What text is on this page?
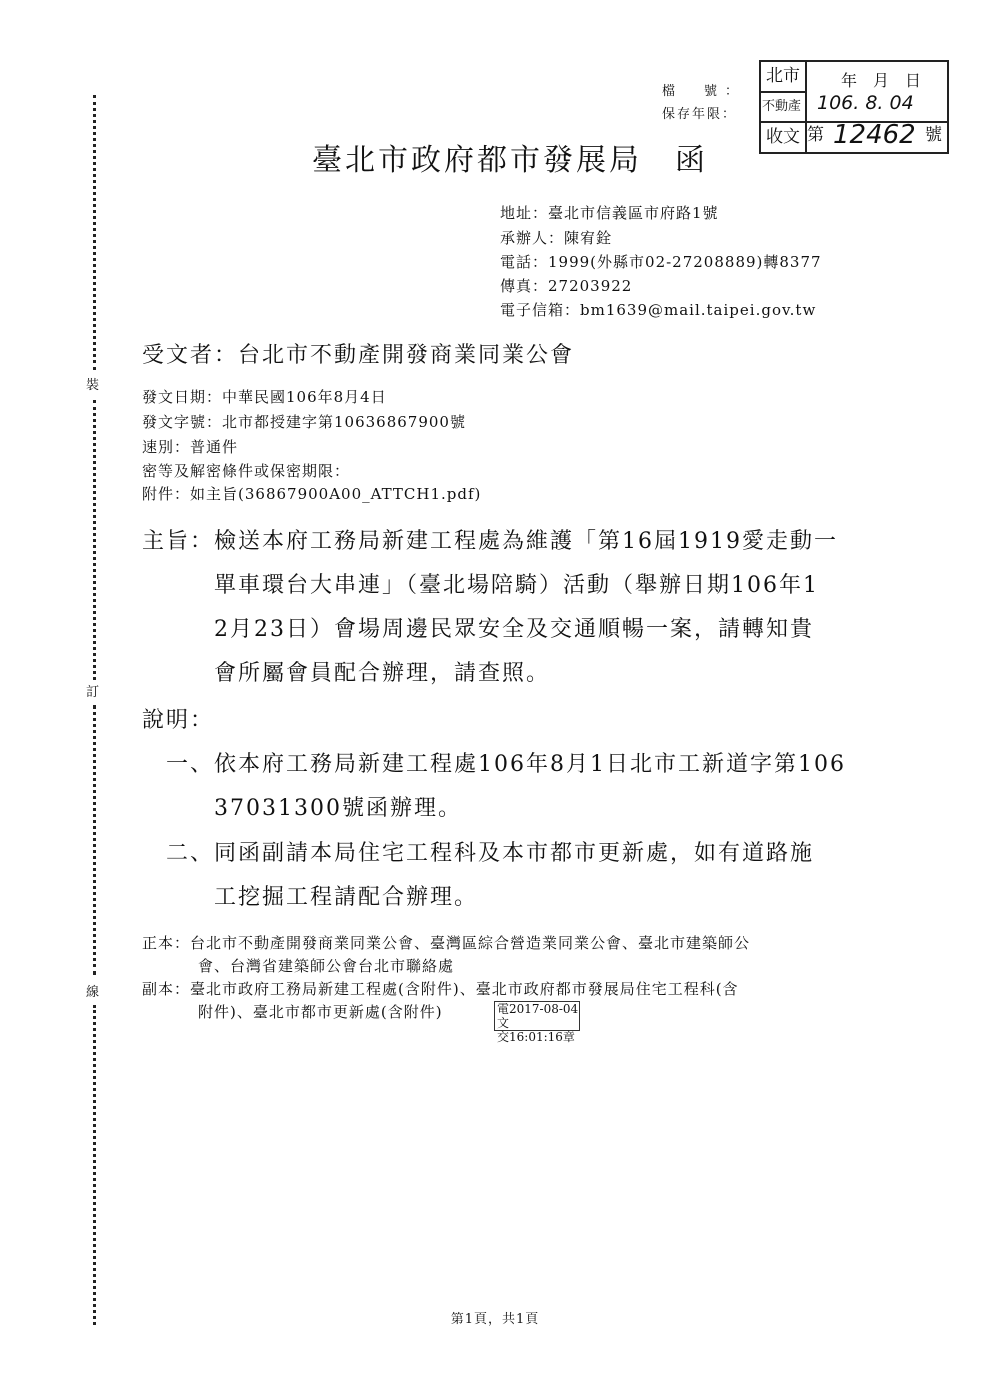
裝
訂
線
檔　號：
保存年限：
北市
不動產
收文
年　月　日
106. 8. 04
第 12462 號
臺北市政府都市發展局　函
地址：臺北市信義區市府路1號
承辦人：陳宥銓
電話：1999(外縣市02-27208889)轉8377
傳真：27203922
電子信箱：bm1639@mail.taipei.gov.tw
受文者：台北市不動產開發商業同業公會
發文日期：中華民國106年8月4日
發文字號：北市都授建字第10636867900號
速別：普通件
密等及解密條件或保密期限：
附件：如主旨(36867900A00_ATTCH1.pdf)
主旨：檢送本府工務局新建工程處為維護「第16屆1919愛走動一
單車環台大串連」（臺北場陪騎）活動（舉辦日期106年1
2月23日）會場周邊民眾安全及交通順暢一案，請轉知貴
會所屬會員配合辦理，請查照。
說明：
一、依本府工務局新建工程處106年8月1日北市工新道字第106
37031300號函辦理。
二、同函副請本局住宅工程科及本市都市更新處，如有道路施
工挖掘工程請配合辦理。
正本：台北市不動產開發商業同業公會、臺灣區綜合營造業同業公會、臺北市建築師公
會、台灣省建築師公會台北市聯絡處
副本：臺北市政府工務局新建工程處(含附件)、臺北市政府都市發展局住宅工程科(含
附件)、臺北市都市更新處(含附件)	電2017-08-04文
交16:01:16章
第1頁，共1頁
